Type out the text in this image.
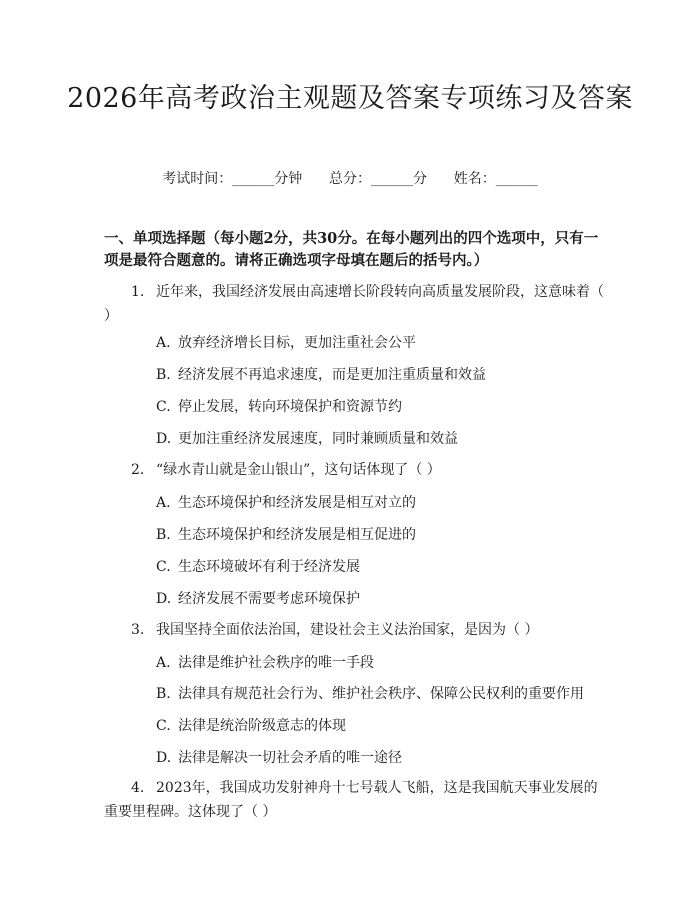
2026年高考政治主观题及答案专项练习及答案
考试时间：______分钟      总分：______分      姓名：______
一、单项选择题（每小题2分，共30分。在每小题列出的四个选项中，只有一项是最符合题意的。请将正确选项字母填在题后的括号内。）
1. 近年来，我国经济发展由高速增长阶段转向高质量发展阶段，这意味着（ ）
A. 放弃经济增长目标，更加注重社会公平
B. 经济发展不再追求速度，而是更加注重质量和效益
C. 停止发展，转向环境保护和资源节约
D. 更加注重经济发展速度，同时兼顾质量和效益
2. “绿水青山就是金山银山”，这句话体现了（ ）
A. 生态环境保护和经济发展是相互对立的
B. 生态环境保护和经济发展是相互促进的
C. 生态环境破坏有利于经济发展
D. 经济发展不需要考虑环境保护
3. 我国坚持全面依法治国，建设社会主义法治国家，是因为（ ）
A. 法律是维护社会秩序的唯一手段
B. 法律具有规范社会行为、维护社会秩序、保障公民权利的重要作用
C. 法律是统治阶级意志的体现
D. 法律是解决一切社会矛盾的唯一途径
4. 2023年，我国成功发射神舟十七号载人飞船，这是我国航天事业发展的重要里程碑。这体现了（ ）
